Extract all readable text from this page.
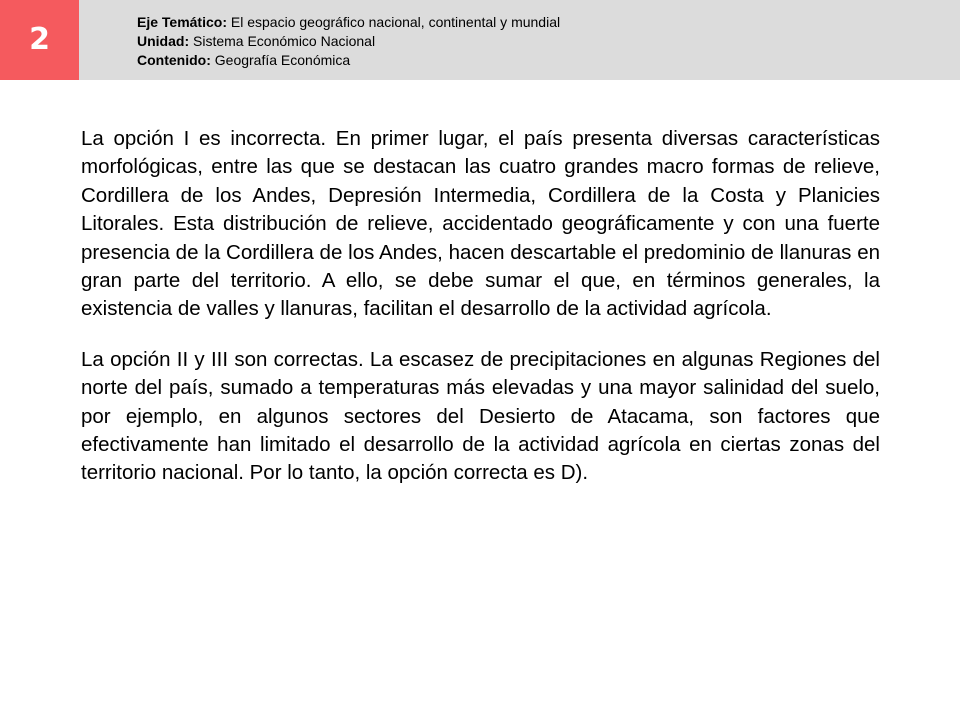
2	Eje Temático: El espacio geográfico nacional, continental y mundial
Unidad: Sistema Económico Nacional
Contenido: Geografía Económica

La opción I es incorrecta. En primer lugar, el país presenta diversas características morfológicas, entre las que se destacan las cuatro grandes macro formas de relieve, Cordillera de los Andes, Depresión Intermedia, Cordillera de la Costa y Planicies Litorales. Esta distribución de relieve, accidentado geográficamente y con una fuerte presencia de la Cordillera de los Andes, hacen descartable el predominio de llanuras en gran parte del territorio. A ello, se debe sumar el que, en términos generales, la existencia de valles y llanuras, facilitan el desarrollo de la actividad agrícola.

La opción II y III son correctas. La escasez de precipitaciones en algunas Regiones del norte del país, sumado a temperaturas más elevadas y una mayor salinidad del suelo, por ejemplo, en algunos sectores del Desierto de Atacama, son factores que efectivamente han limitado el desarrollo de la actividad agrícola en ciertas zonas del territorio nacional. Por lo tanto, la opción correcta es D).
